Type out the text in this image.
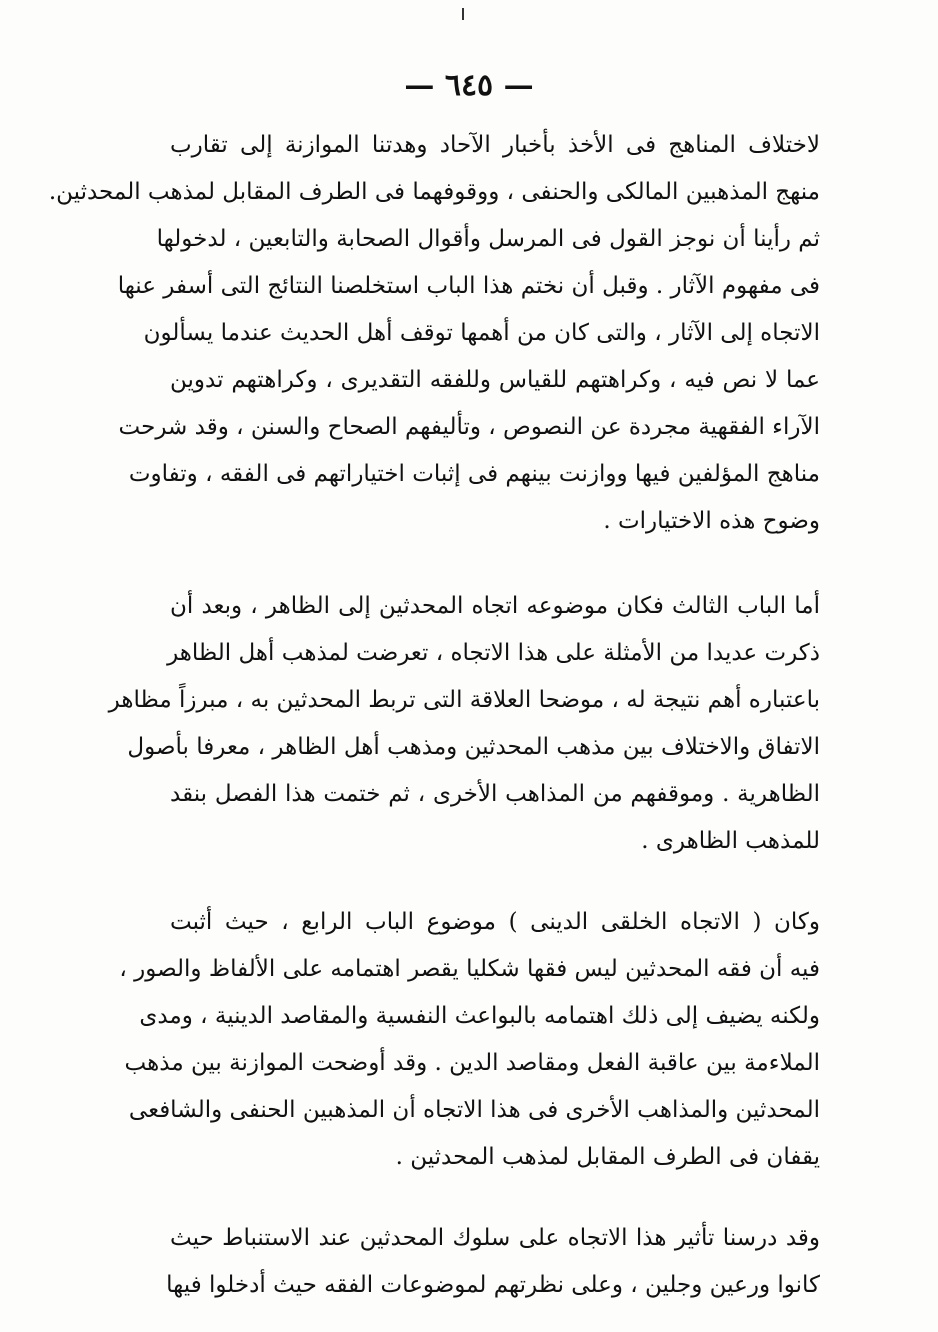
— ٦٤٥ —
لاختلاف المناهج فى الأخذ بأخبار الآحاد وهدتنا الموازنة إلى تقارب
منهج المذهبين المالكى والحنفى ، ووقوفهما فى الطرف المقابل لمذهب المحدثين.
ثم رأينا أن نوجز القول فى المرسل وأقوال الصحابة والتابعين ، لدخولها
فى مفهوم الآثار . وقبل أن نختم هذا الباب استخلصنا النتائج التى أسفر عنها
الاتجاه إلى الآثار ، والتى كان من أهمها توقف أهل الحديث عندما يسألون
عما لا نص فيه ، وكراهتهم للقياس وللفقه التقديرى ، وكراهتهم تدوين
الآراء الفقهية مجردة عن النصوص ، وتأليفهم الصحاح والسنن ، وقد شرحت
مناهج المؤلفين فيها ووازنت بينهم فى إثبات اختياراتهم فى الفقه ، وتفاوت
وضوح هذه الاختيارات .
أما الباب الثالث فكان موضوعه اتجاه المحدثين إلى الظاهر ، وبعد أن
ذكرت عديدا من الأمثلة على هذا الاتجاه ، تعرضت لمذهب أهل الظاهر
باعتباره أهم نتيجة له ، موضحا العلاقة التى تربط المحدثين به ، مبرزاً مظاهر
الاتفاق والاختلاف بين مذهب المحدثين ومذهب أهل الظاهر ، معرفا بأصول
الظاهرية . وموقفهم من المذاهب الأخرى ، ثم ختمت هذا الفصل بنقد
للمذهب الظاهرى .
وكان ( الاتجاه الخلقى الدينى ) موضوع الباب الرابع ، حيث أثبت
فيه أن فقه المحدثين ليس فقها شكليا يقصر اهتمامه على الألفاظ والصور ،
ولكنه يضيف إلى ذلك اهتمامه بالبواعث النفسية والمقاصد الدينية ، ومدى
الملاءمة بين عاقبة الفعل ومقاصد الدين . وقد أوضحت الموازنة بين مذهب
المحدثين والمذاهب الأخرى فى هذا الاتجاه أن المذهبين الحنفى والشافعى
يقفان فى الطرف المقابل لمذهب المحدثين .
وقد درسنا تأثير هذا الاتجاه على سلوك المحدثين عند الاستنباط حيث
كانوا ورعين وجلين ، وعلى نظرتهم لموضوعات الفقه حيث أدخلوا فيها
